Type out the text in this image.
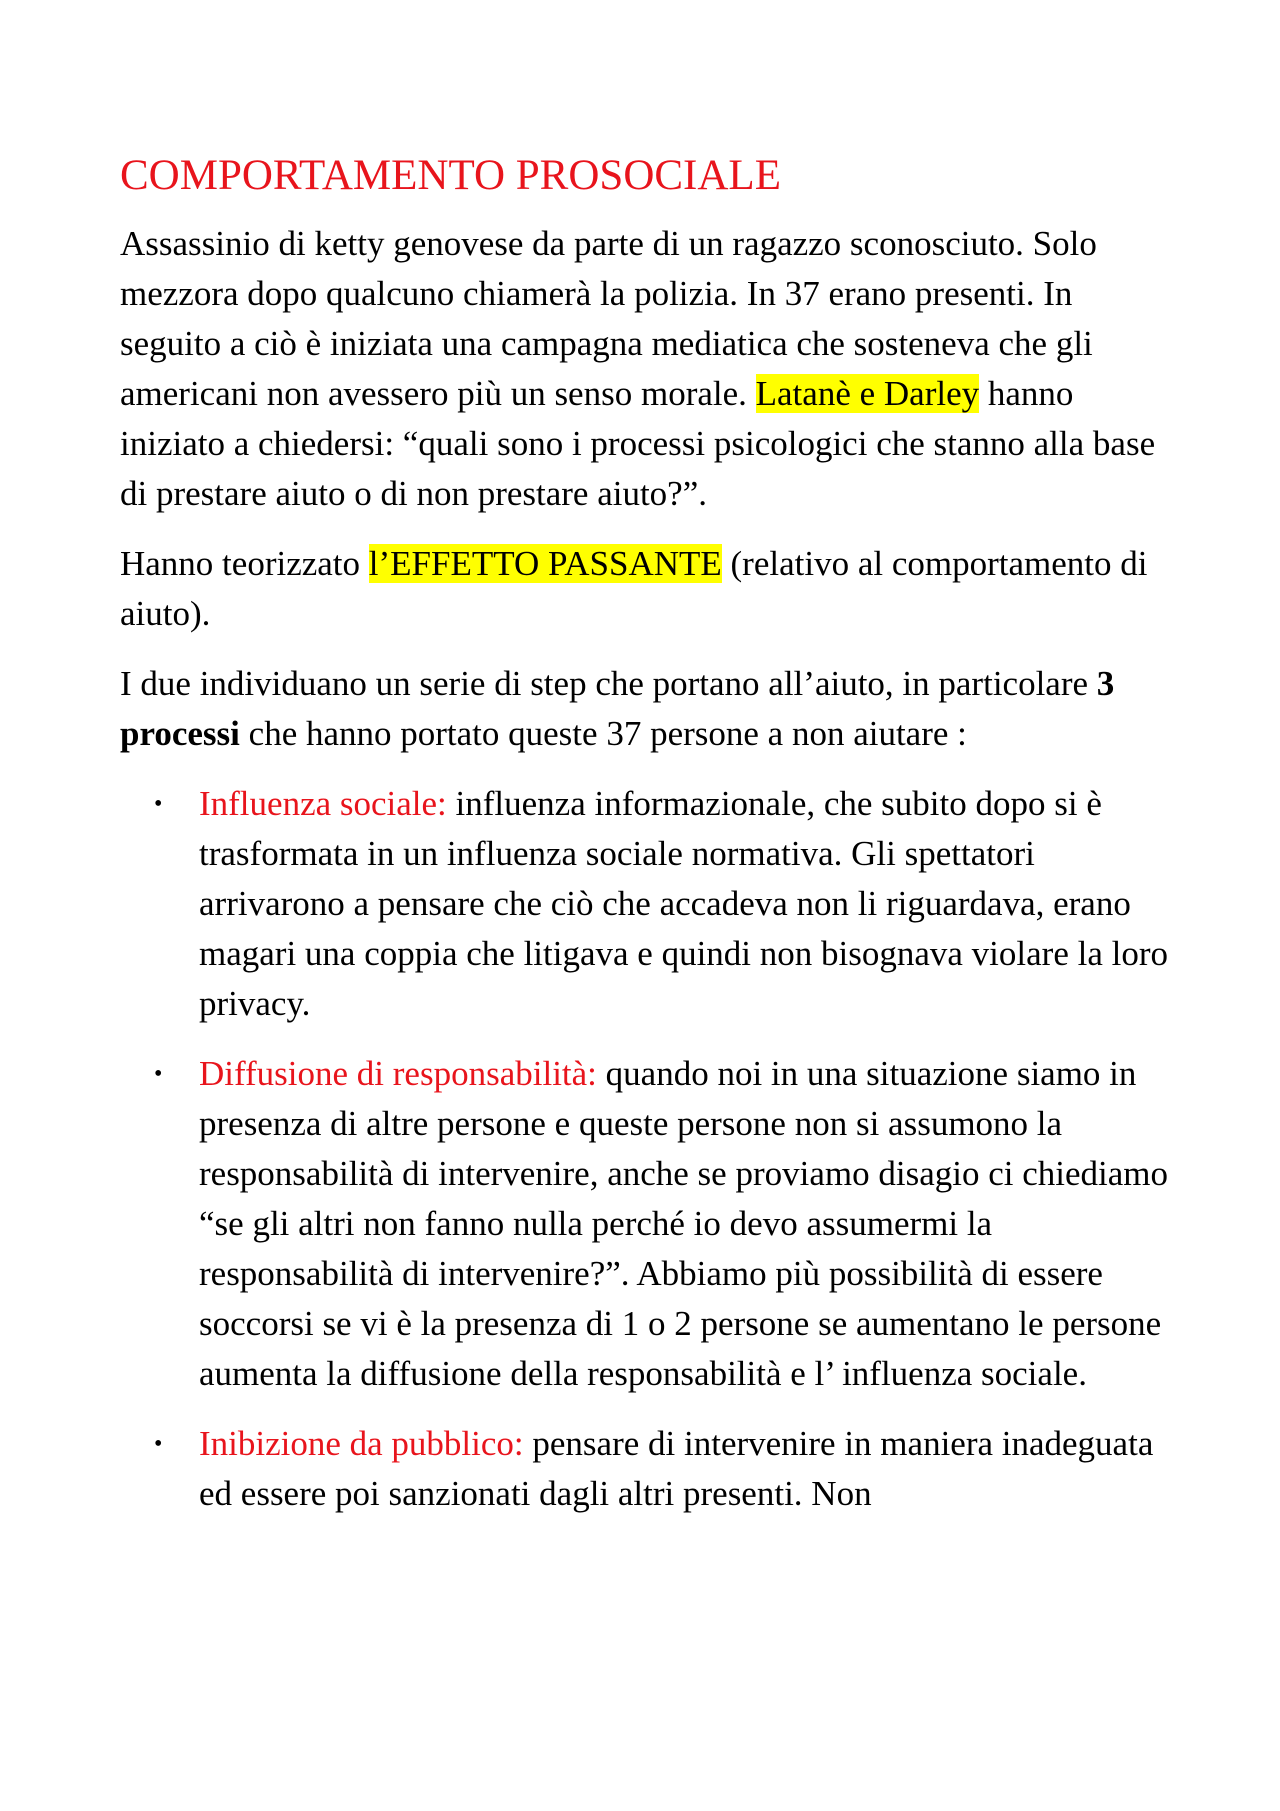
COMPORTAMENTO PROSOCIALE

Assassinio di ketty genovese da parte di un ragazzo sconosciuto. Solo mezzora dopo qualcuno chiamerà la polizia. In 37 erano presenti. In seguito a ciò è iniziata una campagna mediatica che sosteneva che gli americani non avessero più un senso morale. Latanè e Darley hanno iniziato a chiedersi: “quali sono i processi psicologici che stanno alla base di prestare aiuto o di non prestare aiuto?”.

Hanno teorizzato l’EFFETTO PASSANTE (relativo al comportamento di aiuto).

I due individuano un serie di step che portano all’aiuto, in particolare 3 processi che hanno portato queste 37 persone a non aiutare :

• Influenza sociale: influenza informazionale, che subito dopo si è trasformata in un influenza sociale normativa. Gli spettatori arrivarono a pensare che ciò che accadeva non li riguardava, erano magari una coppia che litigava e quindi non bisognava violare la loro privacy.
• Diffusione di responsabilità: quando noi in una situazione siamo in presenza di altre persone e queste persone non si assumono la responsabilità di intervenire, anche se proviamo disagio ci chiediamo “se gli altri non fanno nulla perché io devo assumermi la responsabilità di intervenire?”. Abbiamo più possibilità di essere soccorsi se vi è la presenza di 1 o 2 persone se aumentano le persone aumenta la diffusione della responsabilità e l’ influenza sociale.
• Inibizione da pubblico: pensare di intervenire in maniera inadeguata ed essere poi sanzionati dagli altri presenti. Non
